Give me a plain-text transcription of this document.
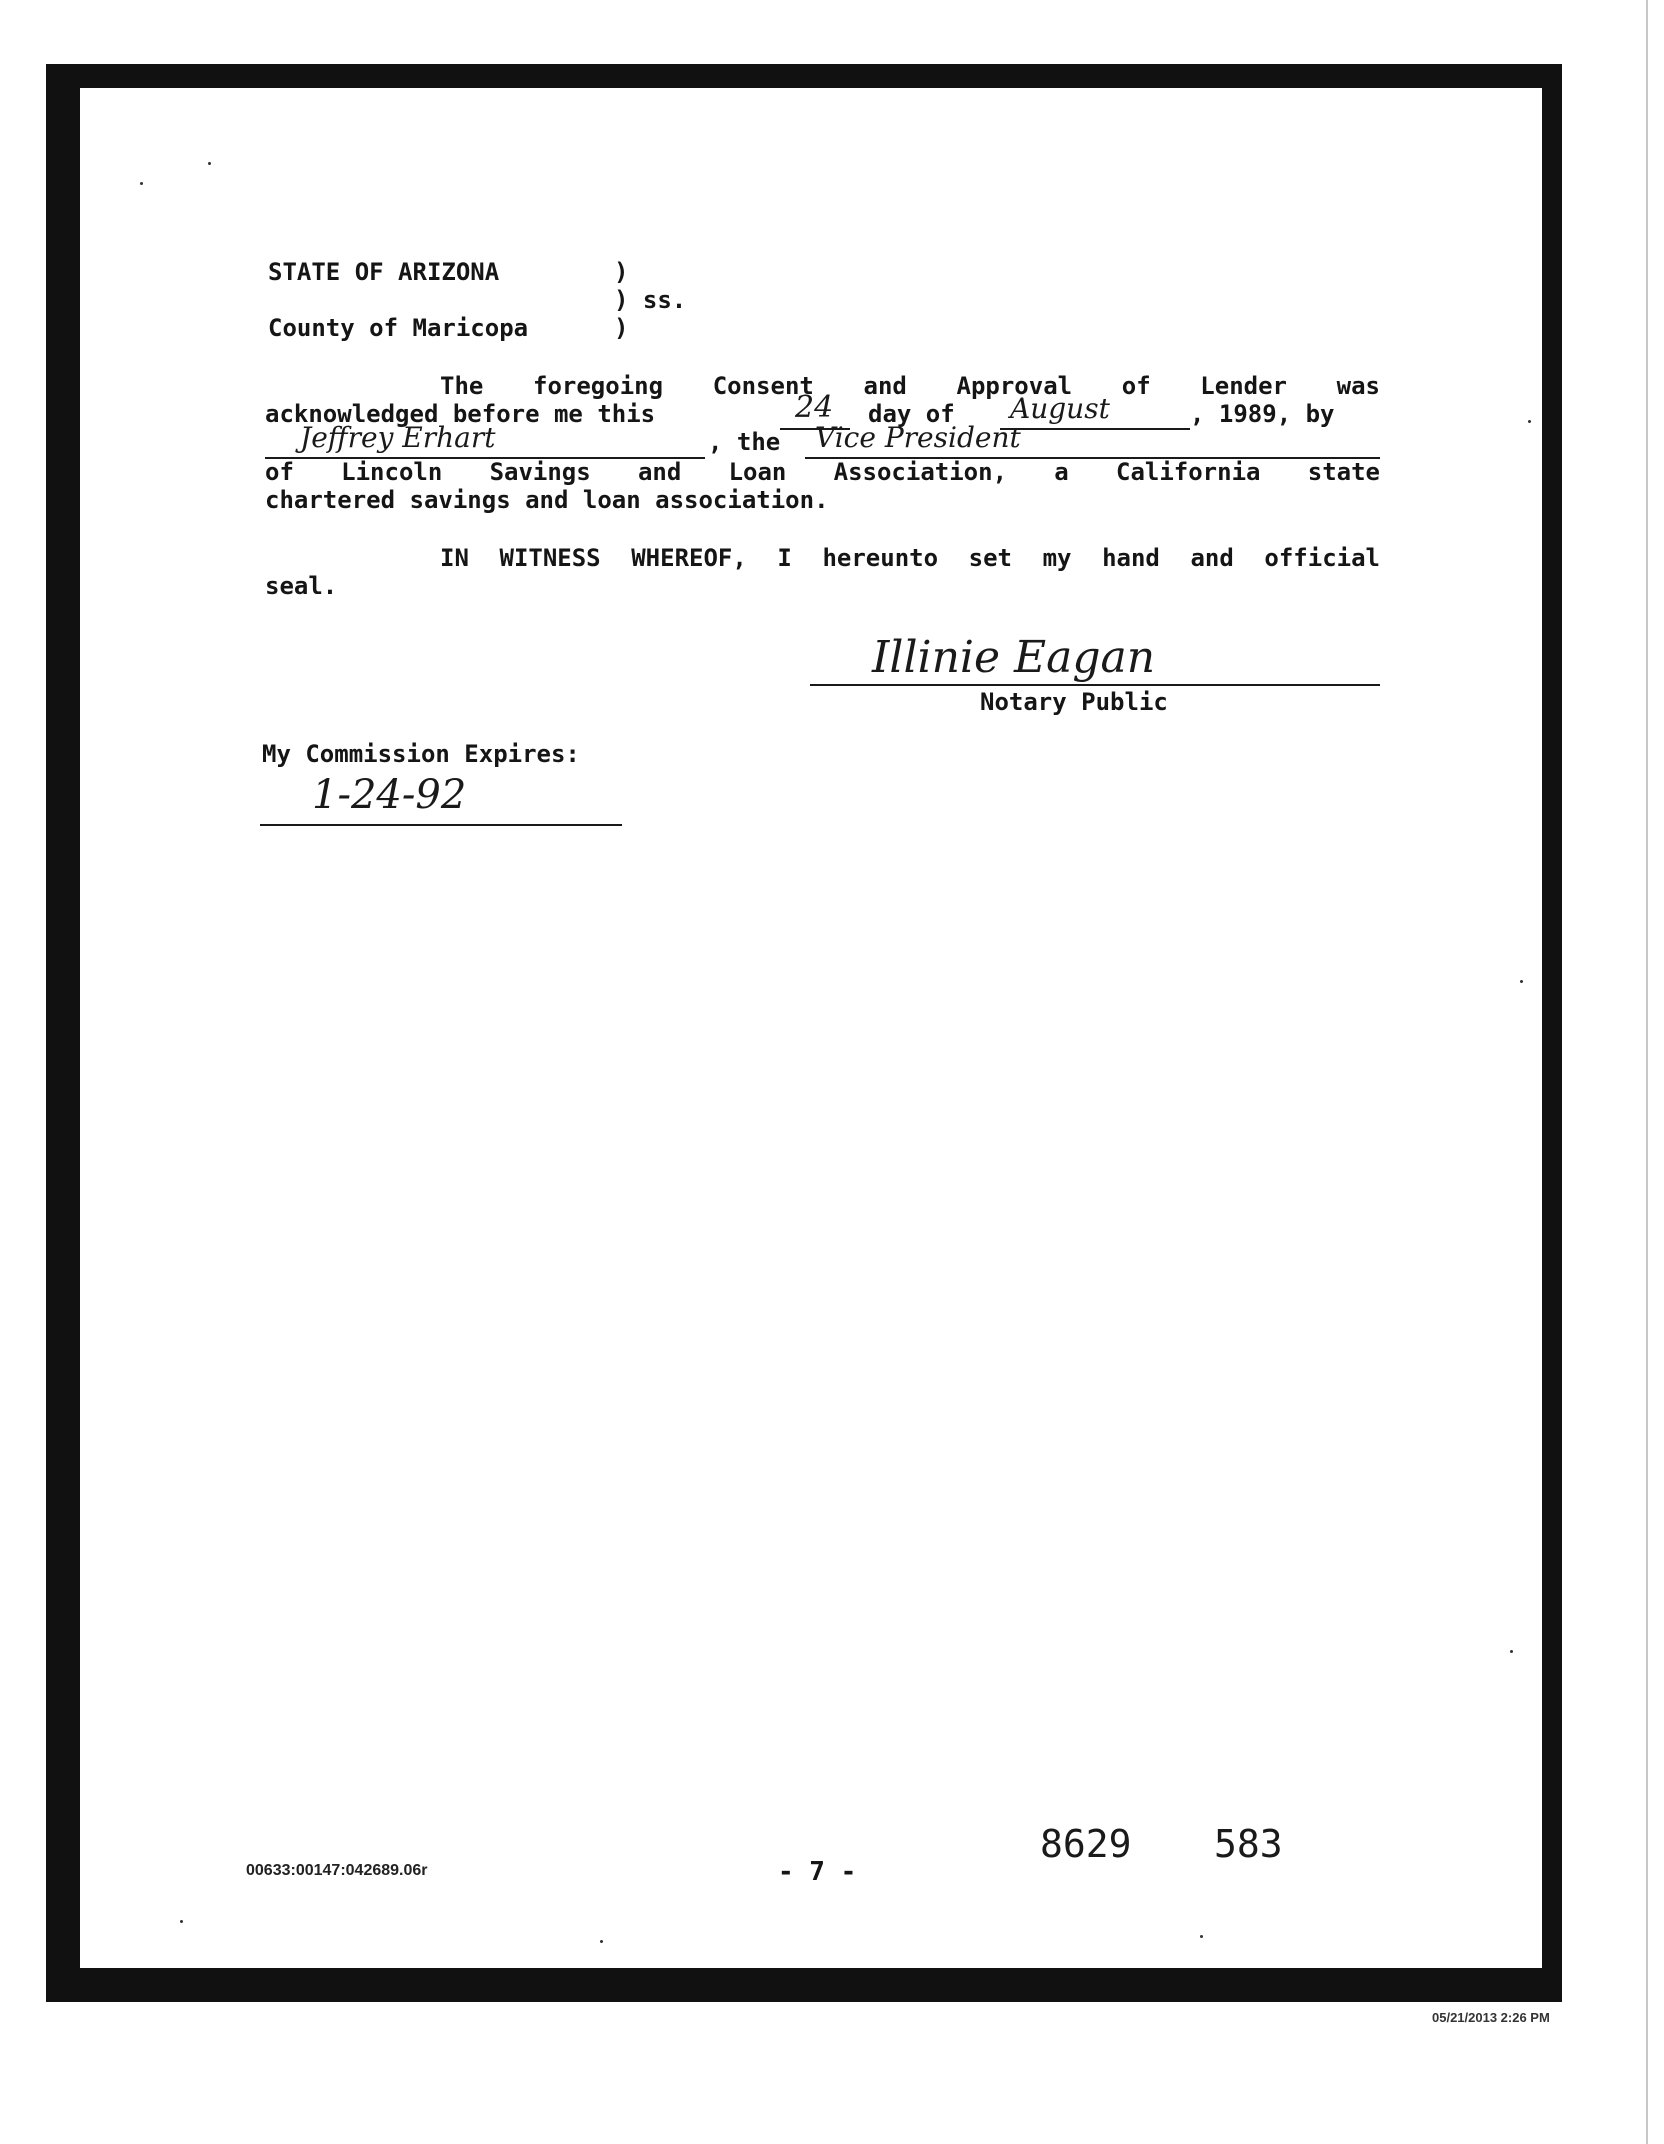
STATE OF ARIZONA	)
) ss.
County of Maricopa	)
The foregoing Consent and Approval of Lender was
acknowledged before me this	24 day of August	, 1989, by
Jeffrey Erhart	, the Vice President
of Lincoln Savings and Loan Association, a California state
chartered savings and loan association.
IN WITNESS WHEREOF, I hereunto set my hand and official
seal.
Illinie Eagan
Notary Public
My Commission Expires:
1-24-92
00633:00147:042689.06r	- 7 -
8629 583
05/21/2013 2:26 PM
